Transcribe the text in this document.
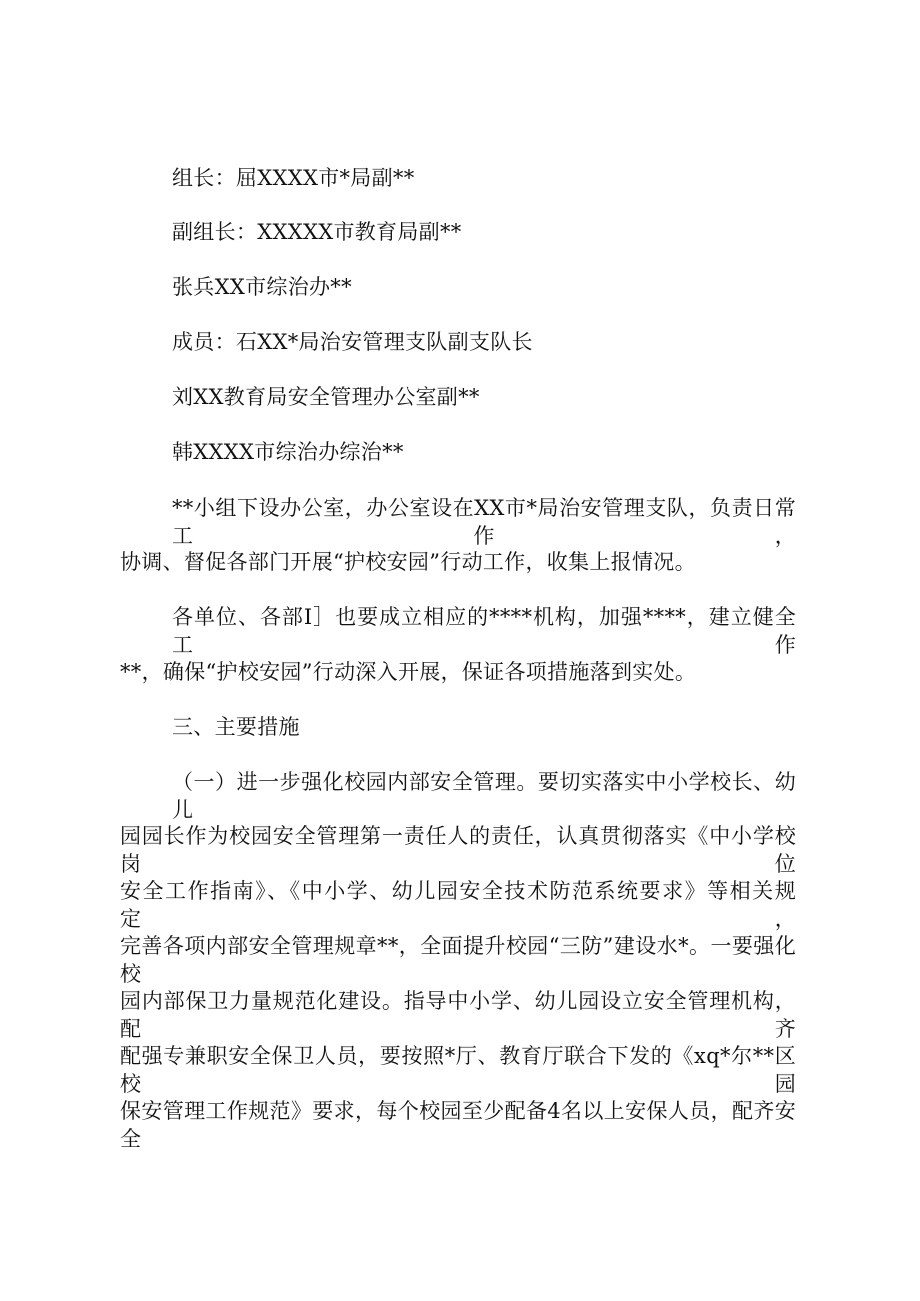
组长：屈XXXX市*局副**
副组长：XXXXX市教育局副**
张兵XX市综治办**
成员：石XX*局治安管理支队副支队长
刘XX教育局安全管理办公室副**
韩XXXX市综治办综治**
**小组下设办公室，办公室设在XX市*局治安管理支队，负责日常工作，
协调、督促各部门开展“护校安园”行动工作，收集上报情况。
各单位、各部I］也要成立相应的****机构，加强****，建立健全工作
**，确保“护校安园”行动深入开展，保证各项措施落到实处。
三、主要措施
（一）进一步强化校园内部安全管理。要切实落实中小学校长、幼儿
园园长作为校园安全管理第一责任人的责任，认真贯彻落实《中小学校岗位
安全工作指南》、《中小学、幼儿园安全技术防范系统要求》等相关规定，
完善各项内部安全管理规章**，全面提升校园“三防”建设水*。一要强化校
园内部保卫力量规范化建设。指导中小学、幼儿园设立安全管理机构，配齐
配强专兼职安全保卫人员，要按照*厅、教育厅联合下发的《xq*尔**区校园
保安管理工作规范》要求，每个校园至少配备4名以上安保人员，配齐安全
